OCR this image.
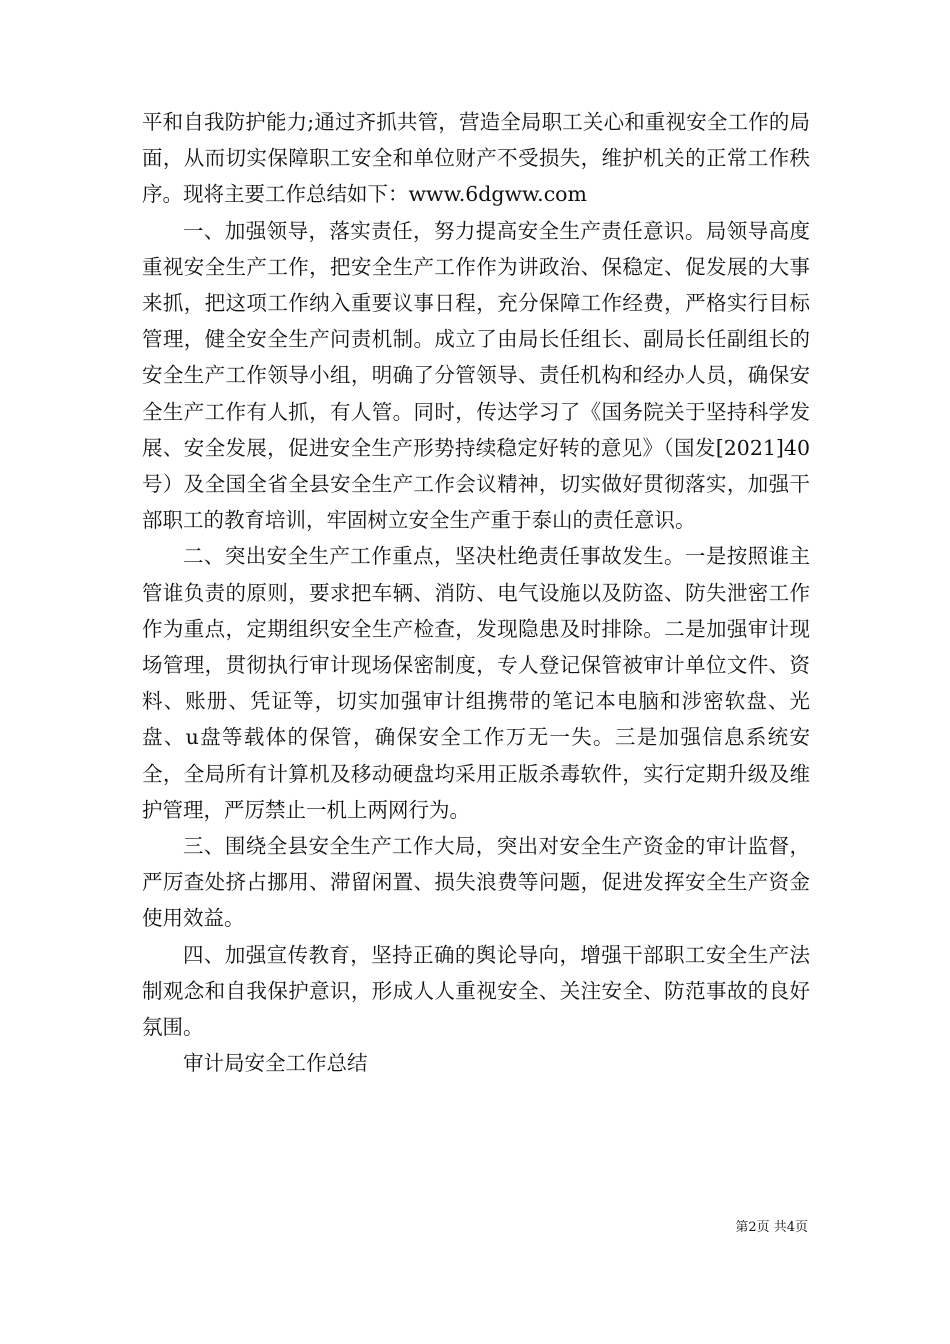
平和自我防护能力;通过齐抓共管，营造全局职工关心和重视安全工作的局面，从而切实保障职工安全和单位财产不受损失，维护机关的正常工作秩序。现将主要工作总结如下：www.6dgww.com

一、加强领导，落实责任，努力提高安全生产责任意识。局领导高度重视安全生产工作，把安全生产工作作为讲政治、保稳定、促发展的大事来抓，把这项工作纳入重要议事日程，充分保障工作经费，严格实行目标管理，健全安全生产问责机制。成立了由局长任组长、副局长任副组长的安全生产工作领导小组，明确了分管领导、责任机构和经办人员，确保安全生产工作有人抓，有人管。同时，传达学习了《国务院关于坚持科学发展、安全发展，促进安全生产形势持续稳定好转的意见》（国发[2021]40号）及全国全省全县安全生产工作会议精神，切实做好贯彻落实，加强干部职工的教育培训，牢固树立安全生产重于泰山的责任意识。

二、突出安全生产工作重点，坚决杜绝责任事故发生。一是按照谁主管谁负责的原则，要求把车辆、消防、电气设施以及防盗、防失泄密工作作为重点，定期组织安全生产检查，发现隐患及时排除。二是加强审计现场管理，贯彻执行审计现场保密制度，专人登记保管被审计单位文件、资料、账册、凭证等，切实加强审计组携带的笔记本电脑和涉密软盘、光盘、u盘等载体的保管，确保安全工作万无一失。三是加强信息系统安全，全局所有计算机及移动硬盘均采用正版杀毒软件，实行定期升级及维护管理，严厉禁止一机上两网行为。

三、围绕全县安全生产工作大局，突出对安全生产资金的审计监督，严厉查处挤占挪用、滞留闲置、损失浪费等问题，促进发挥安全生产资金使用效益。

四、加强宣传教育，坚持正确的舆论导向，增强干部职工安全生产法制观念和自我保护意识，形成人人重视安全、关注安全、防范事故的良好氛围。

审计局安全工作总结

第2页 共4页
